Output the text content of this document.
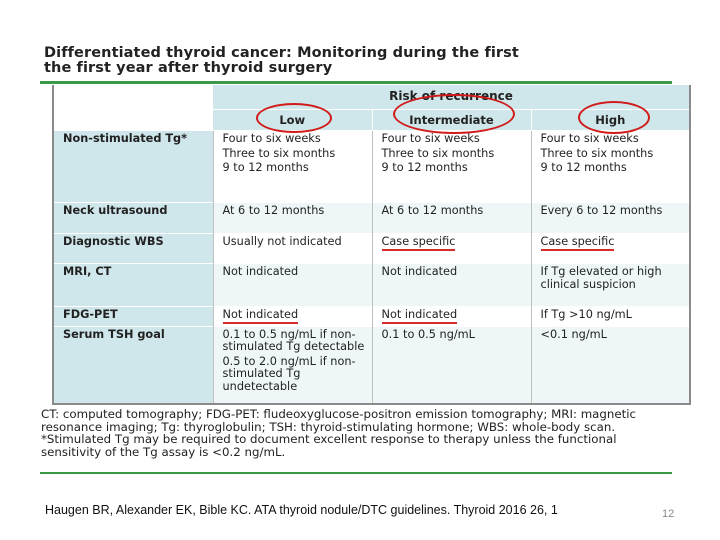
Differentiated thyroid cancer: Monitoring during the first
the first year after thyroid surgery
	Risk of recurrence		
	Low	Intermediate	High
Non-stimulated Tg*	Four to six weeks
Three to six months
9 to 12 months	Four to six weeks
Three to six months
9 to 12 months	Four to six weeks
Three to six months
9 to 12 months

Neck ultrasound	At 6 to 12 months	At 6 to 12 months	Every 6 to 12 months
Diagnostic WBS	Usually not indicated	Case specific	Case specific
MRI, CT	Not indicated	Not indicated	If Tg elevated or high clinical suspicion
FDG-PET	Not indicated	Not indicated	If Tg >10 ng/mL
Serum TSH goal	0.1 to 0.5 ng/mL if non-stimulated Tg detectable
0.5 to 2.0 ng/mL if non-stimulated Tg undetectable	0.1 to 0.5 ng/mL	<0.1 ng/mL

CT: computed tomography; FDG-PET: fludeoxyglucose-positron emission tomography; MRI: magnetic resonance imaging; Tg: thyroglobulin; TSH: thyroid-stimulating hormone; WBS: whole-body scan.

*Stimulated Tg may be required to document excellent response to therapy unless the functional sensitivity of the Tg assay is <0.2 ng/mL.

Haugen BR, Alexander EK, Bible KC. ATA thyroid nodule/DTC guidelines. Thyroid 2016 26, 1	12
